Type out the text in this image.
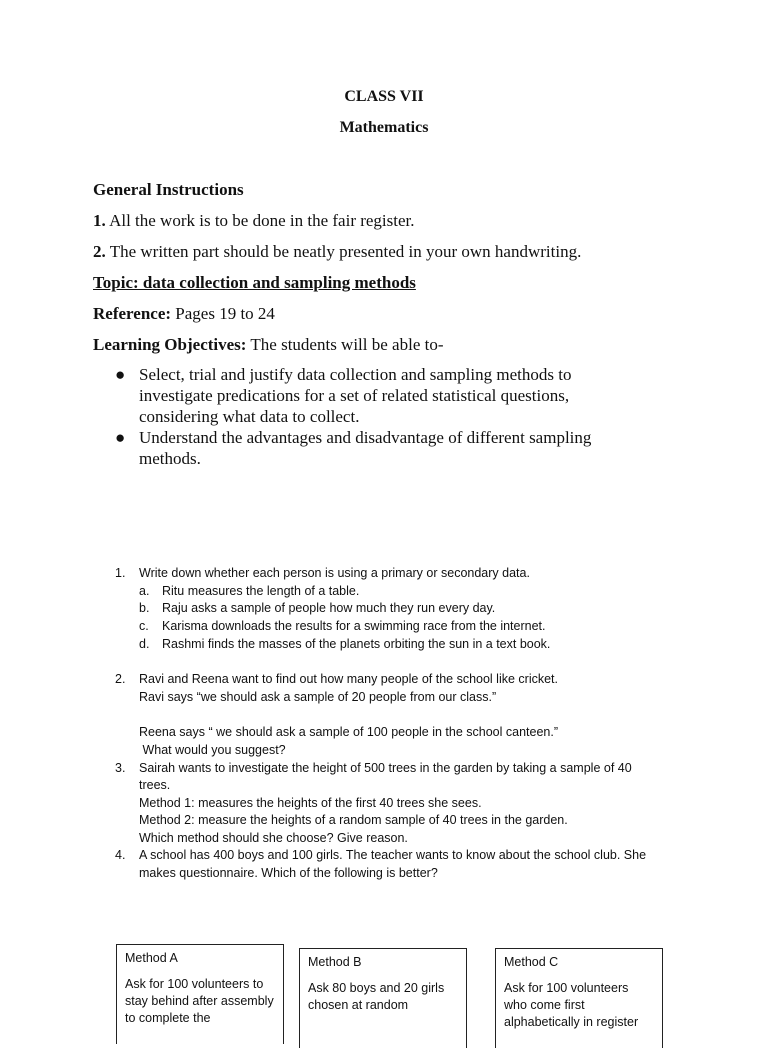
CLASS VII
Mathematics
General Instructions
1. All the work is to be done in the fair register.
2. The written part should be neatly presented in your own handwriting.
Topic: data collection and sampling methods
Reference: Pages 19 to 24
Learning Objectives: The students will be able to-
● Select, trial and justify data collection and sampling methods to investigate predications for a set of related statistical questions, considering what data to collect.
● Understand the advantages and disadvantage of different sampling methods.
1. Write down whether each person is using a primary or secondary data.
a. Ritu measures the length of a table.
b. Raju asks a sample of people how much they run every day.
c. Karisma downloads the results for a swimming race from the internet.
d. Rashmi finds the masses of the planets orbiting the sun in a text book.
2. Ravi and Reena want to find out how many people of the school like cricket.
Ravi says “we should ask a sample of 20 people from our class.”
Reena says “ we should ask a sample of 100 people in the school canteen.”
What would you suggest?
3. Sairah wants to investigate the height of 500 trees in the garden by taking a sample of 40
trees.
Method 1: measures the heights of the first 40 trees she sees.
Method 2: measure the heights of a random sample of 40 trees in the garden.
Which method should she choose? Give reason.
4. A school has 400 boys and 100 girls. The teacher wants to know about the school club. She
makes questionnaire. Which of the following is better?
Method A
Ask for 100 volunteers to stay behind after assembly to complete the
Method B
Ask 80 boys and 20 girls chosen at random
Method C
Ask for 100 volunteers who come first alphabetically in register
